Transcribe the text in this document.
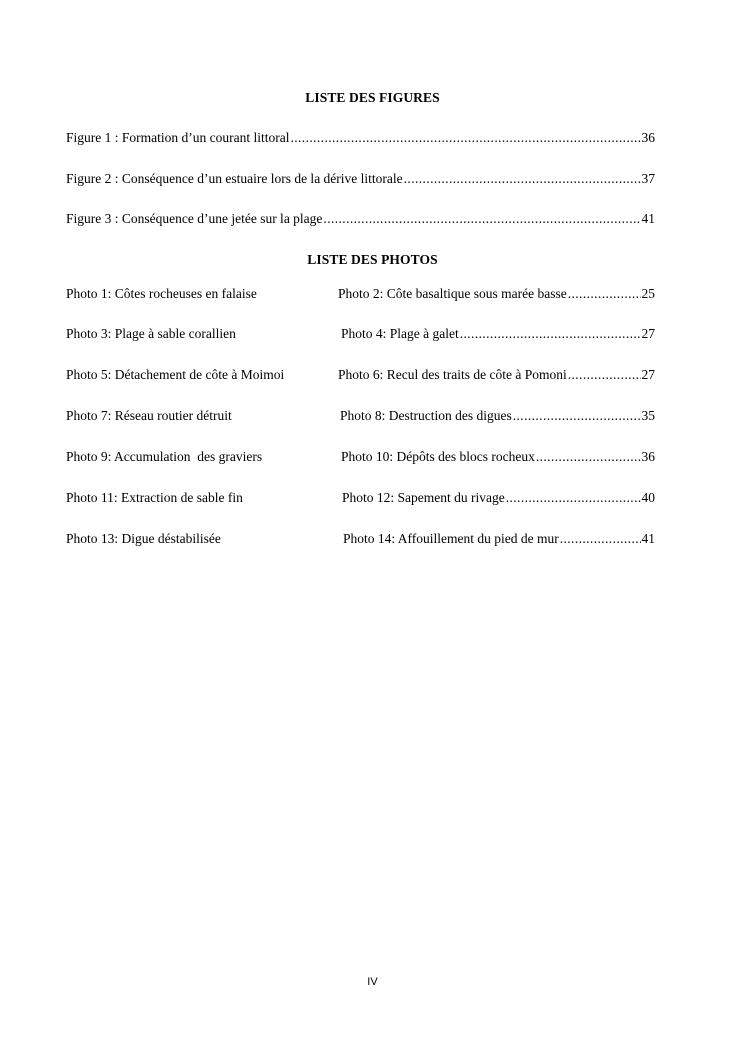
LISTE DES FIGURES
Figure 1 : Formation d’un courant littoral .....	36
Figure 2 : Conséquence d’un estuaire lors de la dérive littorale .....	37
Figure 3 : Conséquence d’une jetée sur la plage .....	41
LISTE DES PHOTOS
Photo 1: Côtes rocheuses en falaise	Photo 2: Côte basaltique sous marée basse .....	25
Photo 3: Plage à sable corallien	Photo 4: Plage à galet .....	27
Photo 5: Détachement de côte à Moimoi	Photo 6: Recul des traits de côte à Pomoni .....	27
Photo 7: Réseau routier détruit	Photo 8: Destruction des digues .....	35
Photo 9: Accumulation  des graviers	Photo 10: Dépôts des blocs rocheux .....	36
Photo 11: Extraction de sable fin	Photo 12: Sapement du rivage .....	40
Photo 13: Digue déstabilisée	Photo 14: Affouillement du pied de mur .....	41
IV
